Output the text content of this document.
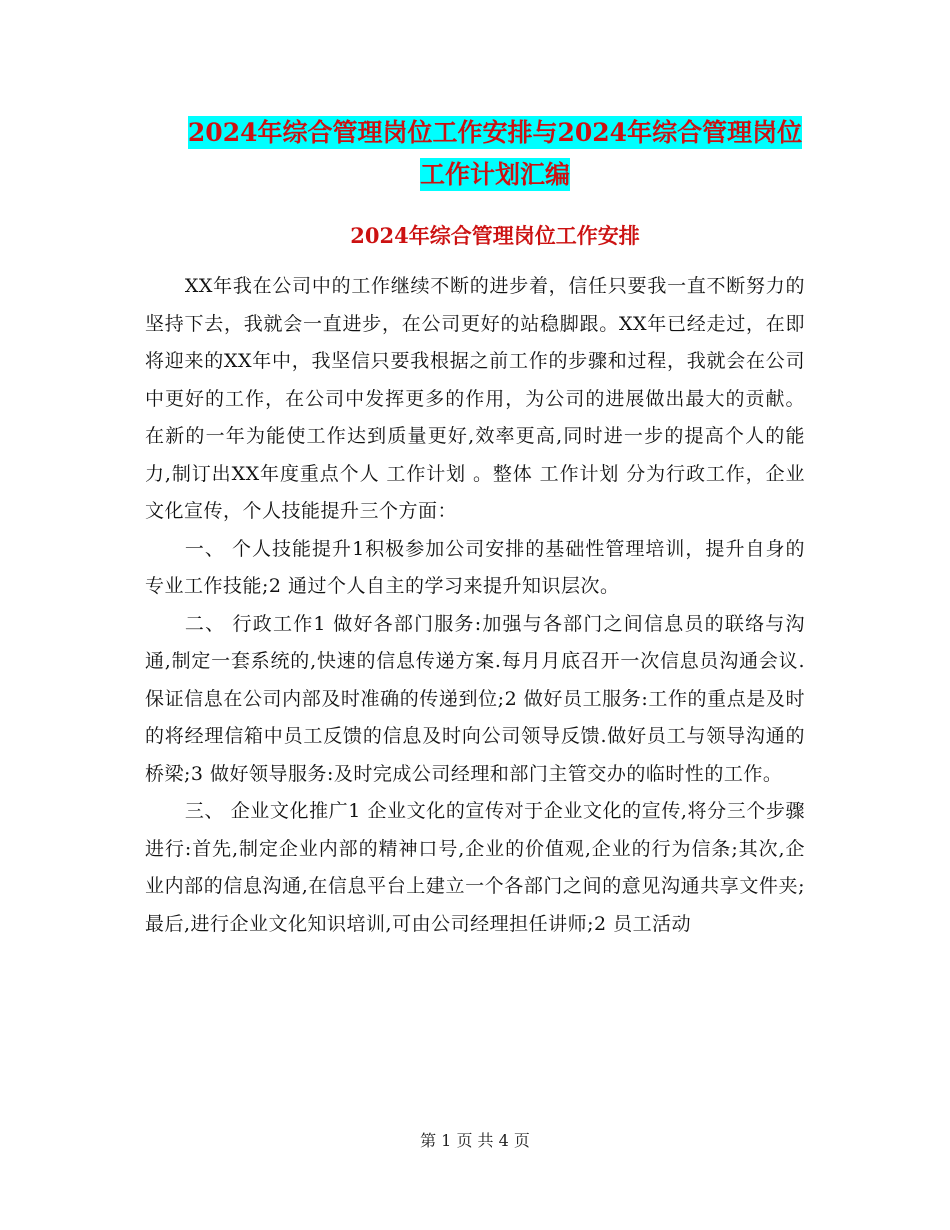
2024年综合管理岗位工作安排与2024年综合管理岗位
工作计划汇编
2024年综合管理岗位工作安排

XX年我在公司中的工作继续不断的进步着，信任只要我一直不断努力的坚持下去，我就会一直进步，在公司更好的站稳脚跟。XX年已经走过，在即将迎来的XX年中，我坚信只要我根据之前工作的步骤和过程，我就会在公司中更好的工作，在公司中发挥更多的作用，为公司的进展做出最大的贡献。在新的一年为能使工作达到质量更好,效率更高,同时进一步的提高个人的能力,制订出XX年度重点个人 工作计划 。整体 工作计划 分为行政工作，企业文化宣传，个人技能提升三个方面：

一、 个人技能提升1积极参加公司安排的基础性管理培训，提升自身的专业工作技能;2 通过个人自主的学习来提升知识层次。

二、 行政工作1 做好各部门服务:加强与各部门之间信息员的联络与沟通,制定一套系统的,快速的信息传递方案.每月月底召开一次信息员沟通会议.保证信息在公司内部及时准确的传递到位;2 做好员工服务:工作的重点是及时的将经理信箱中员工反馈的信息及时向公司领导反馈.做好员工与领导沟通的桥梁;3 做好领导服务:及时完成公司经理和部门主管交办的临时性的工作。

三、 企业文化推广1 企业文化的宣传对于企业文化的宣传,将分三个步骤进行:首先,制定企业内部的精神口号,企业的价值观,企业的行为信条;其次,企业内部的信息沟通,在信息平台上建立一个各部门之间的意见沟通共享文件夹;最后,进行企业文化知识培训,可由公司经理担任讲师;2 员工活动

第 1 页 共 4 页
